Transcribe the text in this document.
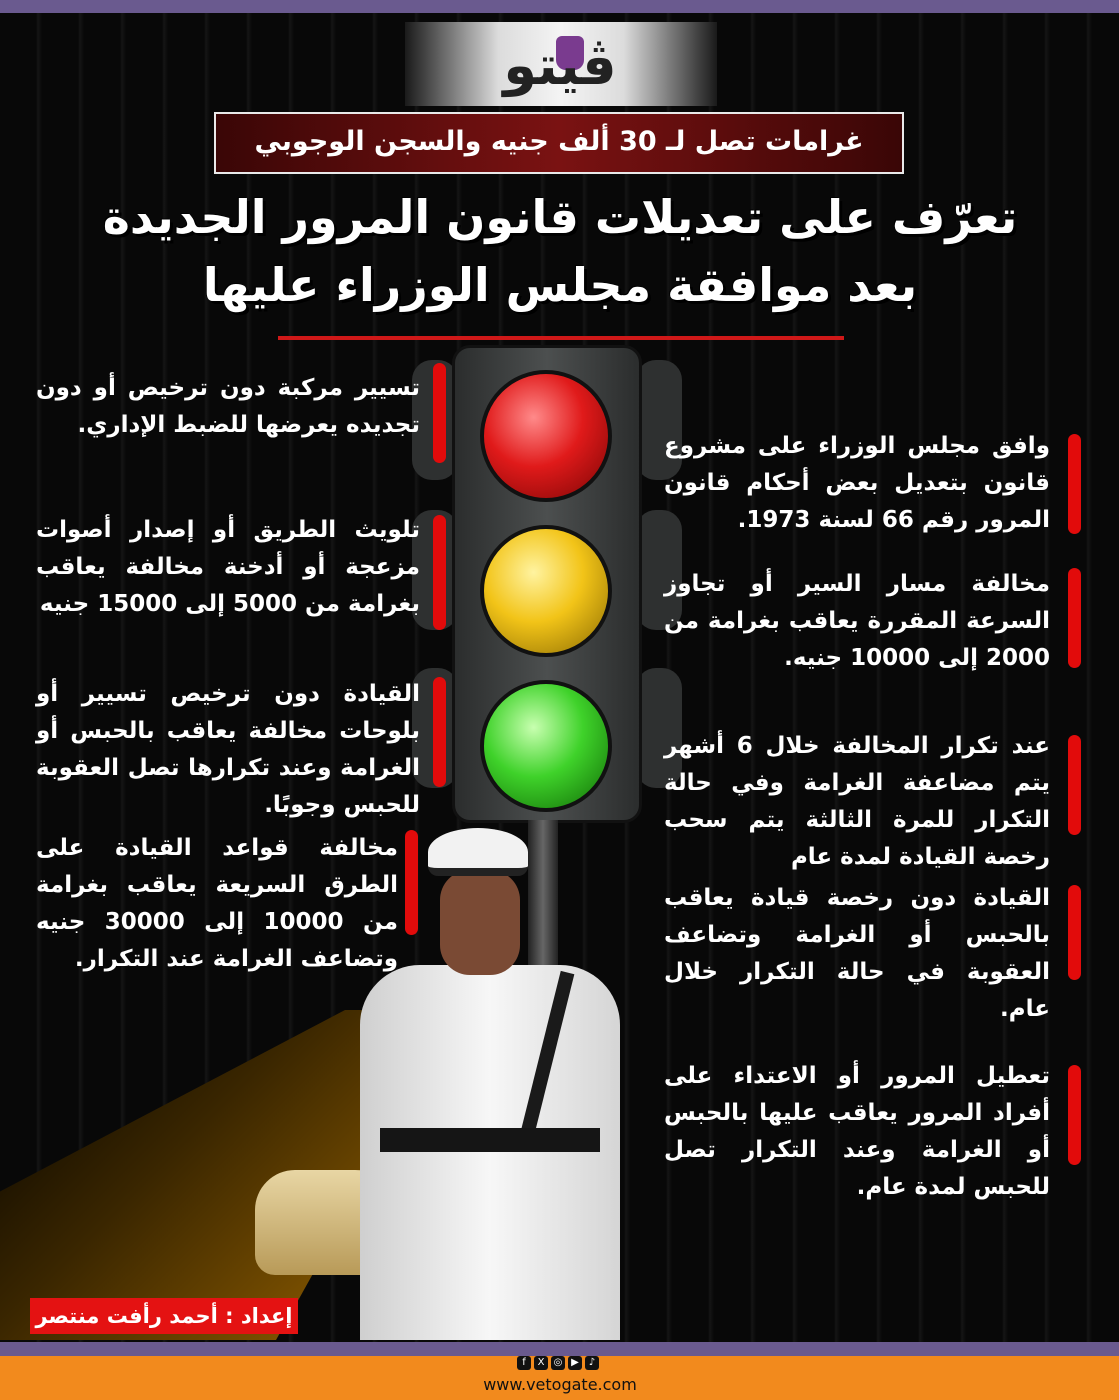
ڤيتو
غرامات تصل لـ 30 ألف جنيه والسجن الوجوبي
تعرّف على تعديلات قانون المرور الجديدة
بعد موافقة مجلس الوزراء عليها
وافق مجلس الوزراء على مشروع قانون بتعديل بعض أحكام قانون المرور رقم 66 لسنة 1973.
مخالفة مسار السير أو تجاوز السرعة المقررة يعاقب بغرامة من 2000 إلى 10000 جنيه.
عند تكرار المخالفة خلال 6 أشهر يتم مضاعفة الغرامة وفي حالة التكرار للمرة الثالثة يتم سحب رخصة القيادة لمدة عام
القيادة دون رخصة قيادة يعاقب بالحبس أو الغرامة وتضاعف العقوبة في حالة التكرار خلال عام.
تعطيل المرور أو الاعتداء على أفراد المرور يعاقب عليها بالحبس أو الغرامة وعند التكرار تصل للحبس لمدة عام.
تسيير مركبة دون ترخيص أو دون تجديده يعرضها للضبط الإداري.
تلويث الطريق أو إصدار أصوات مزعجة أو أدخنة مخالفة يعاقب بغرامة من 5000 إلى 15000 جنيه
القيادة دون ترخيص تسيير أو بلوحات مخالفة يعاقب بالحبس أو الغرامة وعند تكرارها تصل العقوبة للحبس وجوبًا.
مخالفة قواعد القيادة على الطرق السريعة يعاقب بغرامة من 10000 إلى 30000 جنيه وتضاعف الغرامة عند التكرار.
إعداد : أحمد رأفت منتصر
f	X ◎ ▶ ♪
www.vetogate.com
